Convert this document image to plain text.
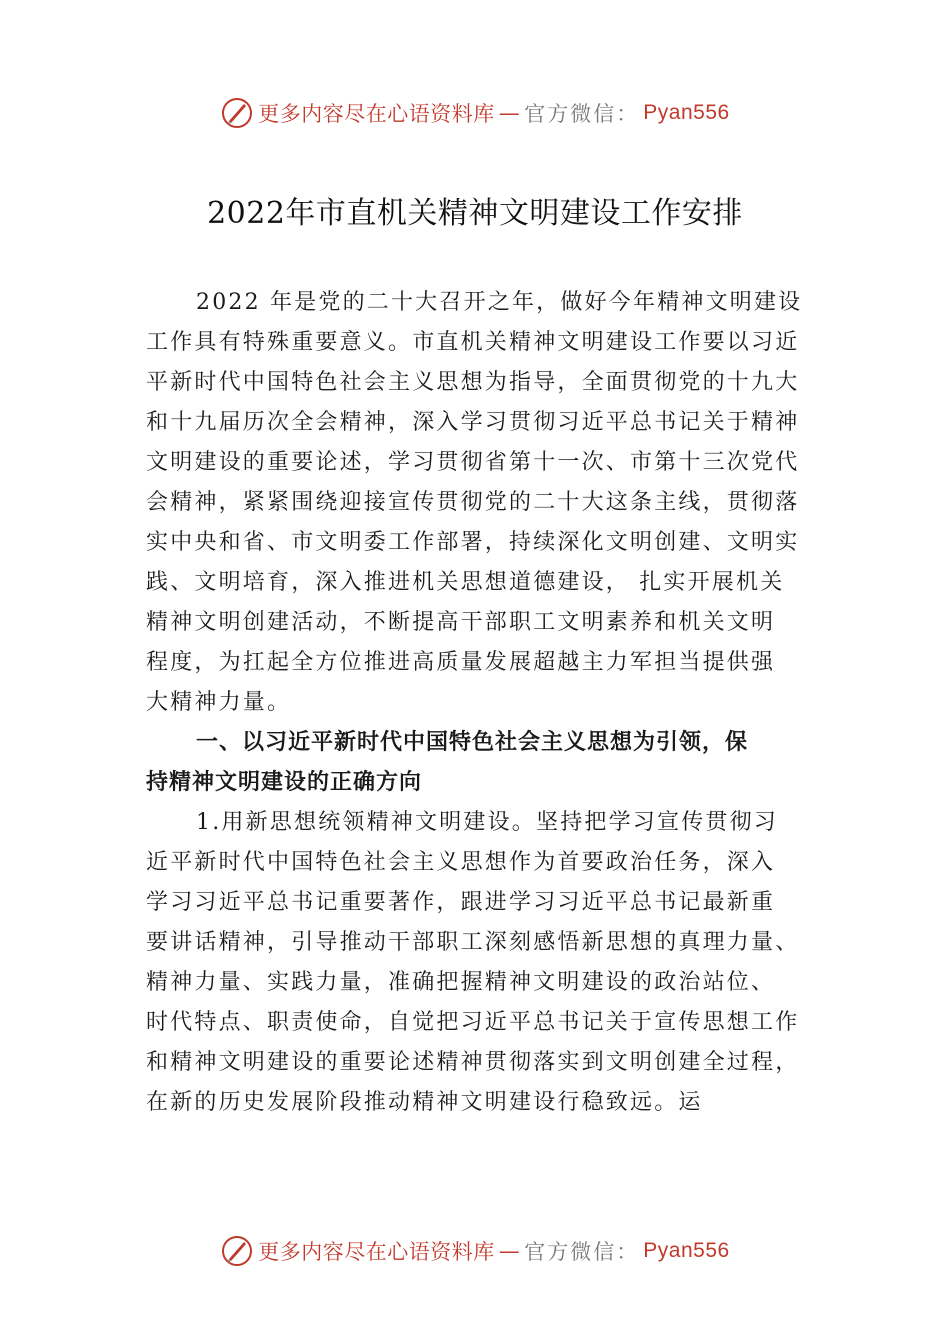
更多内容尽在心语资料库 — 官方微信： Pyan556
2022年市直机关精神文明建设工作安排
2022 年是党的二十大召开之年，做好今年精神文明建设
工作具有特殊重要意义。市直机关精神文明建设工作要以习近
平新时代中国特色社会主义思想为指导，全面贯彻党的十九大
和十九届历次全会精神，深入学习贯彻习近平总书记关于精神
文明建设的重要论述，学习贯彻省第十一次、市第十三次党代
会精神，紧紧围绕迎接宣传贯彻党的二十大这条主线，贯彻落
实中央和省、市文明委工作部署，持续深化文明创建、文明实
践、文明培育，深入推进机关思想道德建设， 扎实开展机关
精神文明创建活动，不断提高干部职工文明素养和机关文明
程度，为扛起全方位推进高质量发展超越主力军担当提供强
大精神力量。
一、以习近平新时代中国特色社会主义思想为引领，保
持精神文明建设的正确方向
1.用新思想统领精神文明建设。坚持把学习宣传贯彻习
近平新时代中国特色社会主义思想作为首要政治任务，深入
学习习近平总书记重要著作，跟进学习习近平总书记最新重
要讲话精神，引导推动干部职工深刻感悟新思想的真理力量、
精神力量、实践力量，准确把握精神文明建设的政治站位、
时代特点、职责使命，自觉把习近平总书记关于宣传思想工作
和精神文明建设的重要论述精神贯彻落实到文明创建全过程，
在新的历史发展阶段推动精神文明建设行稳致远。运
更多内容尽在心语资料库 — 官方微信： Pyan556
